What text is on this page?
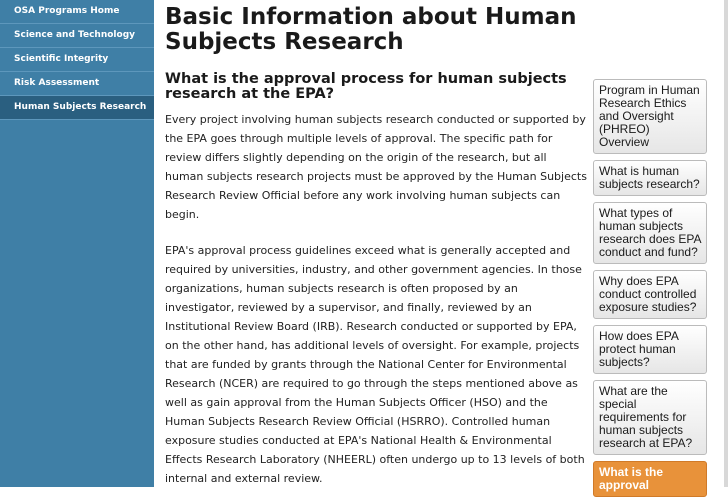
OSA Programs Home
Science and Technology
Scientific Integrity
Risk Assessment
Human Subjects Research
Basic Information about Human Subjects Research
What is the approval process for human subjects research at the EPA?

Every project involving human subjects research conducted or supported by the EPA goes through multiple levels of approval. The specific path for review differs slightly depending on the origin of the research, but all human subjects research projects must be approved by the Human Subjects Research Review Official before any work involving human subjects can begin.

EPA's approval process guidelines exceed what is generally accepted and required by universities, industry, and other government agencies. In those organizations, human subjects research is often proposed by an investigator, reviewed by a supervisor, and finally, reviewed by an Institutional Review Board (IRB). Research conducted or supported by EPA, on the other hand, has additional levels of oversight. For example, projects that are funded by grants through the National Center for Environmental Research (NCER) are required to go through the steps mentioned above as well as gain approval from the Human Subjects Officer (HSO) and the Human Subjects Research Review Official (HSRRO). Controlled human exposure studies conducted at EPA's National Health & Environmental Effects Research Laboratory (NHEERL) often undergo up to 13 levels of both internal and external review.

Program in Human Research Ethics and Oversight (PHREO) Overview
What is human subjects research?
What types of human subjects research does EPA conduct and fund?
Why does EPA conduct controlled exposure studies?
How does EPA protect human subjects?
What are the special requirements for human subjects research at EPA?
What is the approval
